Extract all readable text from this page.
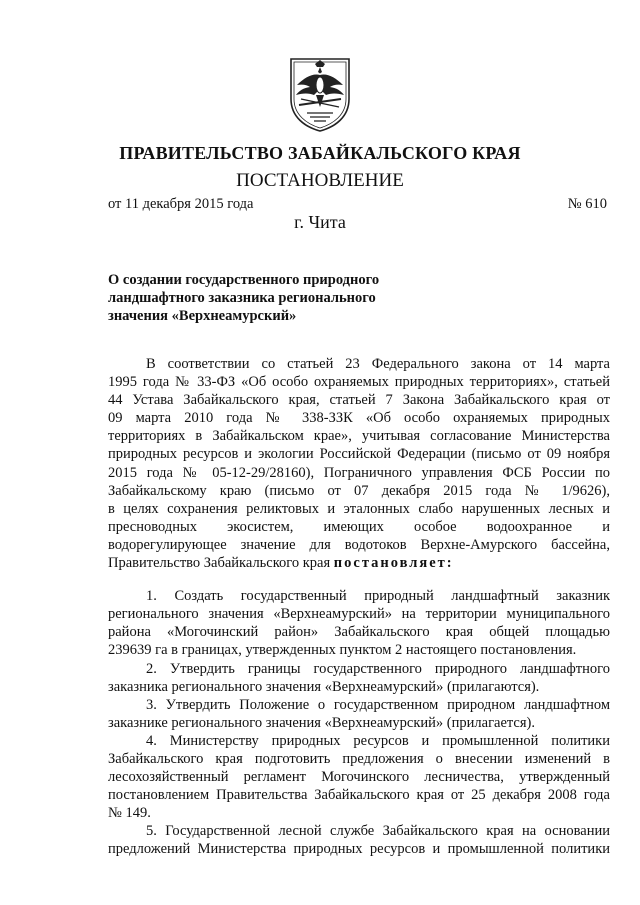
ПРАВИТЕЛЬСТВО ЗАБАЙКАЛЬСКОГО КРАЯ
ПОСТАНОВЛЕНИЕ
от 11 декабря 2015 года	№ 610
г. Чита
О создании государственного природного
ландшафтного заказника регионального
значения «Верхнеамурский»
В соответствии со статьей 23 Федерального закона от 14 марта
1995 года № 33-ФЗ «Об особо охраняемых природных территориях», статьей
44 Устава Забайкальского края, статьей 7 Закона Забайкальского края от
09 марта 2010 года № 338-ЗЗК «Об особо охраняемых природных
территориях в Забайкальском крае», учитывая согласование Министерства
природных ресурсов и экологии Российской Федерации (письмо от 09 ноября
2015 года № 05-12-29/28160), Пограничного управления ФСБ России по
Забайкальскому краю (письмо от 07 декабря 2015 года № 1/9626),
в целях сохранения реликтовых и эталонных слабо нарушенных лесных и
пресноводных экосистем, имеющих особое водоохранное и
водорегулирующее значение для водотоков Верхне-Амурского бассейна,
Правительство Забайкальского края постановляет:
1. Создать государственный природный ландшафтный заказник
регионального значения «Верхнеамурский» на территории муниципального
района «Могочинский район» Забайкальского края общей площадью
239639 га в границах, утвержденных пунктом 2 настоящего постановления.
2. Утвердить границы государственного природного ландшафтного
заказника регионального значения «Верхнеамурский» (прилагаются).
3. Утвердить Положение о государственном природном ландшафтном
заказнике регионального значения «Верхнеамурский» (прилагается).
4. Министерству природных ресурсов и промышленной политики
Забайкальского края подготовить предложения о внесении изменений в
лесохозяйственный регламент Могочинского лесничества, утвержденный
постановлением Правительства Забайкальского края от 25 декабря 2008 года
№ 149.
5. Государственной лесной службе Забайкальского края на основании
предложений Министерства природных ресурсов и промышленной политики
